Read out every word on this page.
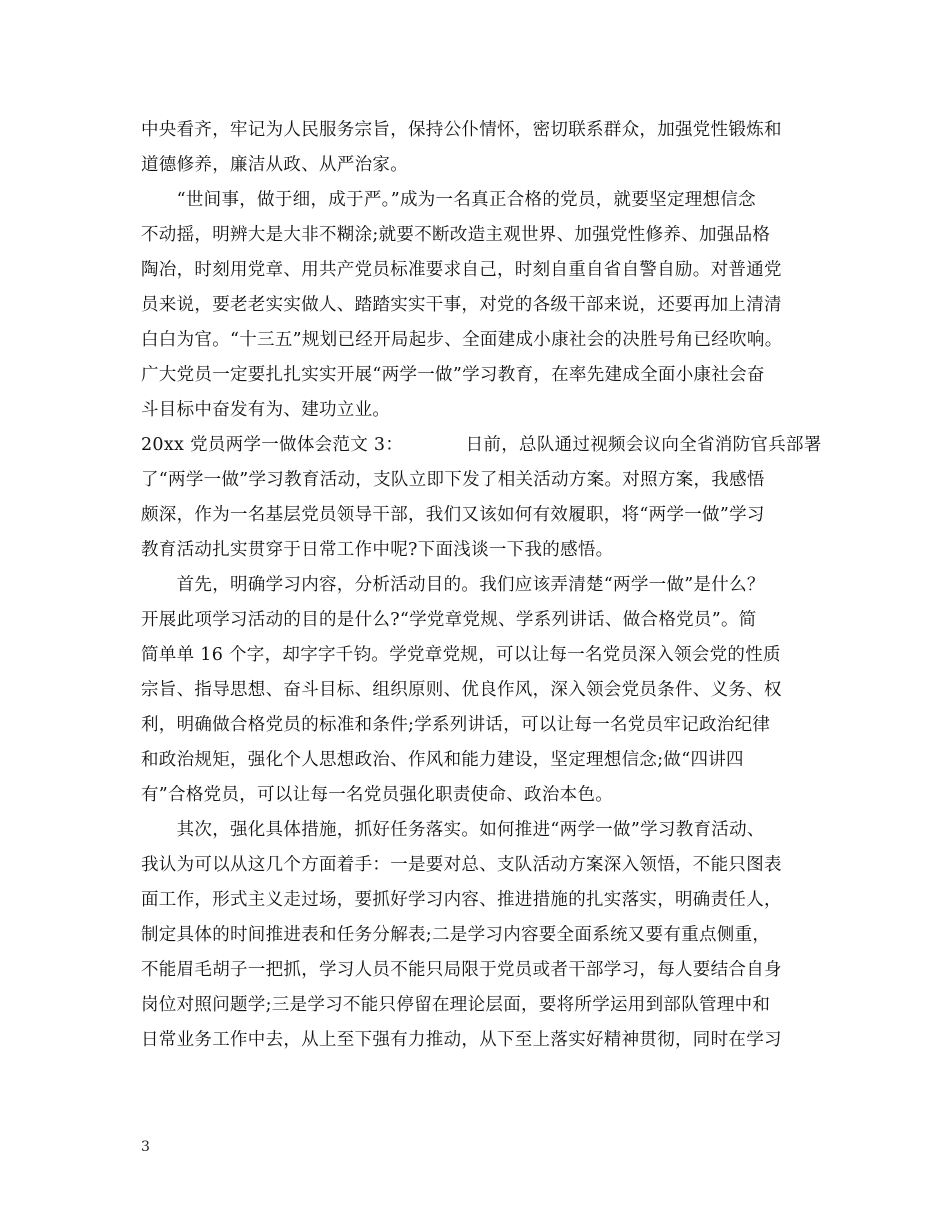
中央看齐，牢记为人民服务宗旨，保持公仆情怀，密切联系群众，加强党性锻炼和
道德修养，廉洁从政、从严治家。
　　“世间事，做于细，成于严。”成为一名真正合格的党员，就要坚定理想信念
不动摇，明辨大是大非不糊涂;就要不断改造主观世界、加强党性修养、加强品格
陶冶，时刻用党章、用共产党员标准要求自己，时刻自重自省自警自励。对普通党
员来说，要老老实实做人、踏踏实实干事，对党的各级干部来说，还要再加上清清
白白为官。“十三五”规划已经开局起步、全面建成小康社会的决胜号角已经吹响。
广大党员一定要扎扎实实开展“两学一做”学习教育，在率先建成全面小康社会奋
斗目标中奋发有为、建功立业。
20xx 党员两学一做体会范文 3：　　　　日前，总队通过视频会议向全省消防官兵部署
了“两学一做”学习教育活动，支队立即下发了相关活动方案。对照方案，我感悟
颇深，作为一名基层党员领导干部，我们又该如何有效履职，将“两学一做”学习
教育活动扎实贯穿于日常工作中呢?下面浅谈一下我的感悟。
　　首先，明确学习内容，分析活动目的。我们应该弄清楚“两学一做”是什么？
开展此项学习活动的目的是什么?“学党章党规、学系列讲话、做合格党员”。简
简单单 16 个字，却字字千钧。学党章党规，可以让每一名党员深入领会党的性质
宗旨、指导思想、奋斗目标、组织原则、优良作风，深入领会党员条件、义务、权
利，明确做合格党员的标准和条件;学系列讲话，可以让每一名党员牢记政治纪律
和政治规矩，强化个人思想政治、作风和能力建设，坚定理想信念;做“四讲四
有”合格党员，可以让每一名党员强化职责使命、政治本色。
　　其次，强化具体措施，抓好任务落实。如何推进“两学一做”学习教育活动、
我认为可以从这几个方面着手：一是要对总、支队活动方案深入领悟，不能只图表
面工作，形式主义走过场，要抓好学习内容、推进措施的扎实落实，明确责任人，
制定具体的时间推进表和任务分解表;二是学习内容要全面系统又要有重点侧重，
不能眉毛胡子一把抓，学习人员不能只局限于党员或者干部学习，每人要结合自身
岗位对照问题学;三是学习不能只停留在理论层面，要将所学运用到部队管理中和
日常业务工作中去，从上至下强有力推动，从下至上落实好精神贯彻，同时在学习
3
